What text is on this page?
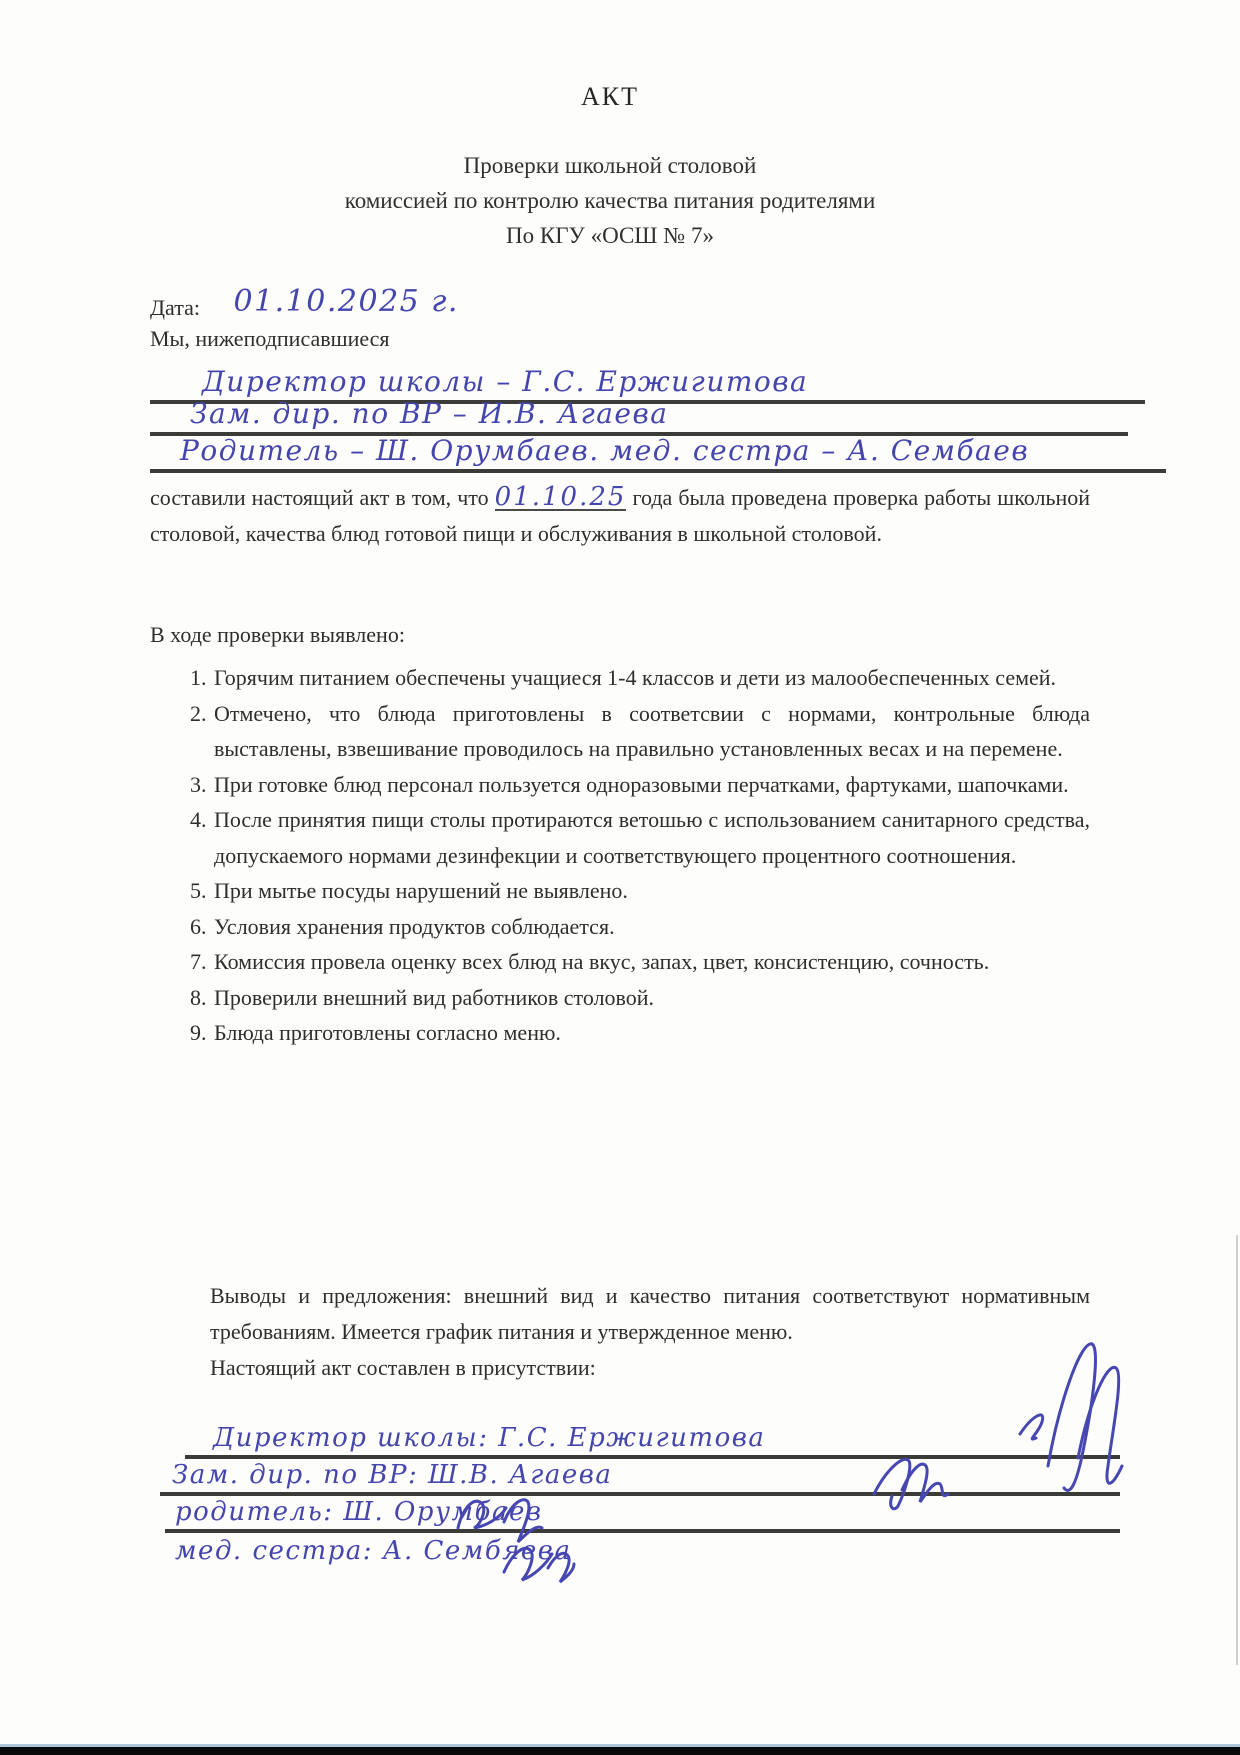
АКТ

Проверки школьной столовой

комиссией по контролю качества питания родителями

По КГУ «ОСШ № 7»

Дата: 01.10.2025 г.
Мы, нижеподписавшиеся
Директор школы – Г.С. Ержигитова
Зам. дир. по ВР – И.В. Агаева
Родитель – Ш. Орумбаев. мед. сестра – А. Сембаев
составили настоящий акт в том, что 01.10.25 года была проведена проверка работы школьной столовой, качества блюд готовой пищи и обслуживания в школьной столовой.
В ходе проверки выявлено:
1. Горячим питанием обеспечены учащиеся 1-4 классов и дети из малообеспеченных семей.
2. Отмечено, что блюда приготовлены в соответсвии с нормами, контрольные блюда выставлены, взвешивание проводилось на правильно установленных весах и на перемене.
3. При готовке блюд персонал пользуется одноразовыми перчатками, фартуками, шапочками.
4. После принятия пищи столы протираются ветошью с использованием санитарного средства, допускаемого нормами дезинфекции и соответствующего процентного соотношения.
5. При мытье посуды нарушений не выявлено.
6. Условия хранения продуктов соблюдается.
7. Комиссия провела оценку всех блюд на вкус, запах, цвет, консистенцию, сочность.
8. Проверили внешний вид работников столовой.
9. Блюда приготовлены согласно меню.

Выводы и предложения: внешний вид и качество питания соответствуют нормативным требованиям. Имеется график питания и утвержденное меню.

Настоящий акт составлен в присутствии:

Директор школы: Г.С. Ержигитова
Зам. дир. по ВР: Ш.В. Агаева
родитель: Ш. Орумбаев
мед. сестра: А. Сембяева
